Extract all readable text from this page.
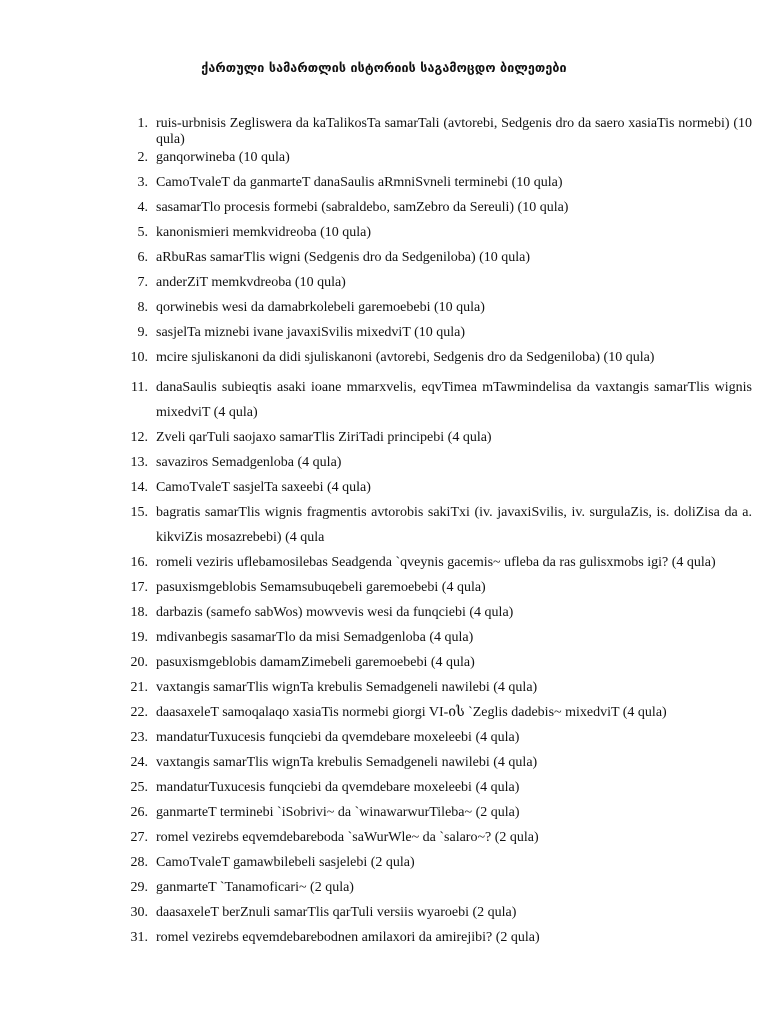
ქართული სამართლის ისტორიის საგამოცდო ბილეთები
1. ruis-urbnisis Zegliswera da kaTalikosTa samarTali (avtorebi, Sedgenis dro da saero xasiaTis normebi) (10 qula)
2. ganqorwineba (10 qula)
3. CamoTvaleT da ganmarteT danaSaulis aRmniSvneli terminebi (10 qula)
4. sasamarTlo procesis formebi (sabraldebo, samZebro da Sereuli) (10 qula)
5. kanonismieri memkvidreoba (10 qula)
6. aRbuRas samarTlis wigni (Sedgenis dro da Sedgeniloba) (10 qula)
7. anderZiT memkvdreoba (10 qula)
8. qorwinebis wesi da damabrkolebeli garemoebebi (10 qula)
9. sasjelTa miznebi ivane javaxiSvilis mixedviT (10 qula)
10. mcire sjuliskanoni da didi sjuliskanoni (avtorebi, Sedgenis dro da Sedgeniloba) (10 qula)
11. danaSaulis subieqtis asaki ioane mmarxvelis, eqvTimea mTawmindelisa da vaxtangis samarTlis wignis mixedviT (4 qula)
12. Zveli qarTuli saojaxo samarTlis ZiriTadi principebi (4 qula)
13. savaziros Semadgenloba (4 qula)
14. CamoTvaleT sasjelTa saxeebi (4 qula)
15. bagratis samarTlis wignis fragmentis avtorobis sakiTxi (iv. javaxiSvilis, iv. surgulaZis, is. doliZisa da a. kikviZis mosazrebebi) (4 qula
16. romeli veziris uflebamosilebas Seadgenda `qveynis gacemis~ ufleba da ras gulisxmobs igi? (4 qula)
17. pasuxismgeblobis Semamsubuqebeli garemoebebi (4 qula)
18. darbazis (samefo sabWos) mowvevis wesi da funqciebi (4 qula)
19. mdivanbegis sasamarTlo da misi Semadgenloba (4 qula)
20. pasuxismgeblobis damamZimebeli garemoebebi (4 qula)
21. vaxtangis samarTlis wignTa krebulis Semadgeneli nawilebi (4 qula)
22. daasaxeleT samoqalaqo xasiaTis normebi giorgi VI-ის `Zeglis dadebis~ mixedviT (4 qula)
23. mandaturTuxucesis funqciebi da qvemdebare moxeleebi (4 qula)
24. vaxtangis samarTlis wignTa krebulis Semadgeneli nawilebi (4 qula)
25. mandaturTuxucesis funqciebi da qvemdebare moxeleebi (4 qula)
26. ganmarteT terminebi `iSobrivi~ da `winawarwurTileba~ (2 qula)
27. romel vezirebs eqvemdebareboda `saWurWle~ da `salaro~? (2 qula)
28. CamoTvaleT gamawbilebeli sasjelebi (2 qula)
29. ganmarteT `Tanamoficari~ (2 qula)
30. daasaxeleT berZnuli samarTlis qarTuli versiis wyaroebi (2 qula)
31. romel vezirebs eqvemdebarebodnen amilaxori da amirejibi? (2 qula)
